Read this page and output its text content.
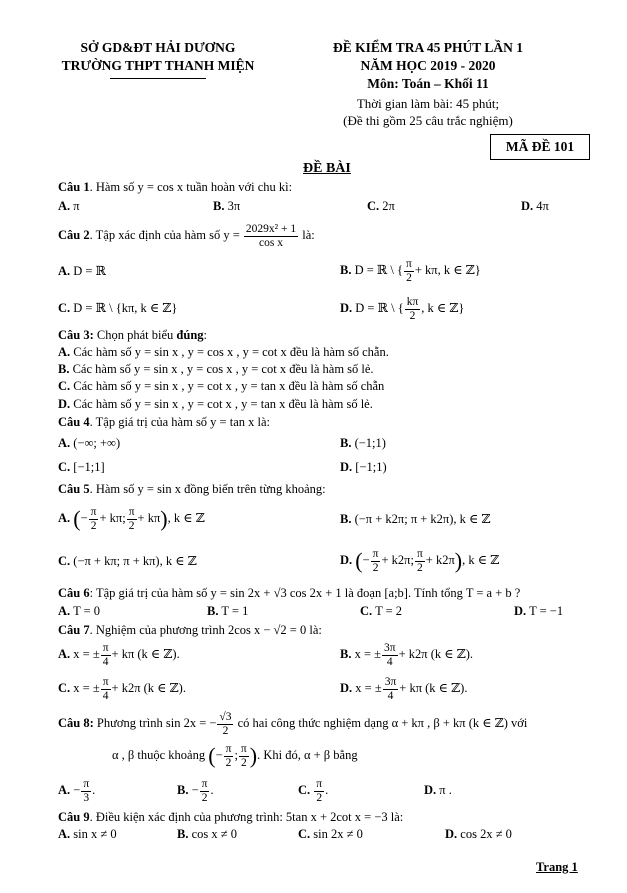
SỞ GD&ĐT HẢI DƯƠNG
TRƯỜNG THPT THANH MIỆN
ĐỀ KIỂM TRA 45 PHÚT LẦN 1
NĂM HỌC 2019 - 2020
Môn: Toán – Khối 11
Thời gian làm bài: 45 phút;
(Đề thi gồm 25 câu trắc nghiệm)
MÃ ĐỀ 101
ĐỀ BÀI
Câu 1. Hàm số y = cos x tuần hoàn với chu kì:
A. π	B. 3π	C. 2π	D. 4π
Câu 2. Tập xác định của hàm số $y = \frac{\text{2029x² + 1}}{\text{cos x}}$ là:
A. D = ℝ	B. D = ℝ \ { $\frac{\pi}{2} + k\pi$, k ∈ ℤ}
C. D = ℝ \ {kπ, k ∈ ℤ}	D. D = ℝ \ { $\frac{k\pi}{2}$ , k ∈ ℤ}
Câu 3: Chọn phát biểu đúng:
A. Các hàm số y = sin x , y = cos x , y = cot x đều là hàm số chẵn.
B. Các hàm số y = sin x , y = cos x , y = cot x đều là hàm số lẻ.
C. Các hàm số y = sin x , y = cot x , y = tan x đều là hàm số chẵn
D. Các hàm số y = sin x , y = cot x , y = tan x đều là hàm số lẻ.
Câu 4. Tập giá trị của hàm số y = tan x là:
A. (−∞; +∞)	B. (−1;1)
C. [−1;1]	D. [−1;1)
Câu 5. Hàm số y = sin x đồng biến trên từng khoảng:
A. (− $\frac{\pi}{2} + k\pi$; $\frac{\pi}{2} + k\pi$), k ∈ ℤ	B. (−π + k2π; π + k2π), k ∈ ℤ
C. (−π + kπ; π + kπ), k ∈ ℤ	D. (− $\frac{\pi}{2} + k2\pi$; $\frac{\pi}{2} + k2\pi$), k ∈ ℤ
Câu 6: Tập giá trị của hàm số y = sin 2x + √3 cos 2x + 1 là đoạn [a;b]. Tính tổng T = a + b ?
A. T = 0	B. T = 1	C. T = 2	D. T = −1
Câu 7. Nghiệm của phương trình 2cos x − √2 = 0 là:
A. x = ± $\frac{\pi}{4} + k\pi$ (k ∈ ℤ).	B. x = ± $\frac{3\pi}{4} + k2\pi$ (k ∈ ℤ).
C. x = ± $\frac{\pi}{4} + k2\pi$ (k ∈ ℤ).	D. x = ± $\frac{3\pi}{4} + k\pi$ (k ∈ ℤ).
Câu 8: Phương trình sin 2x = − $\frac{√3}{2}$ có hai công thức nghiệm dạng α + kπ , β + kπ (k ∈ ℤ) với
α , β thuộc khoảng (− $\frac{\pi}{2}$ ; $\frac{\pi}{2}$ ). Khi đó, α + β bằng
A. − $\frac{\pi}{3}$ .	B. − $\frac{\pi}{2}$ .	C. $\frac{\pi}{2}$ .	D. π .
Câu 9. Điều kiện xác định của phương trình: 5tan x + 2cot x = −3 là:
A. sin x ≠ 0	B. cos x ≠ 0	C. sin 2x ≠ 0	D. cos 2x ≠ 0
Trang 1
